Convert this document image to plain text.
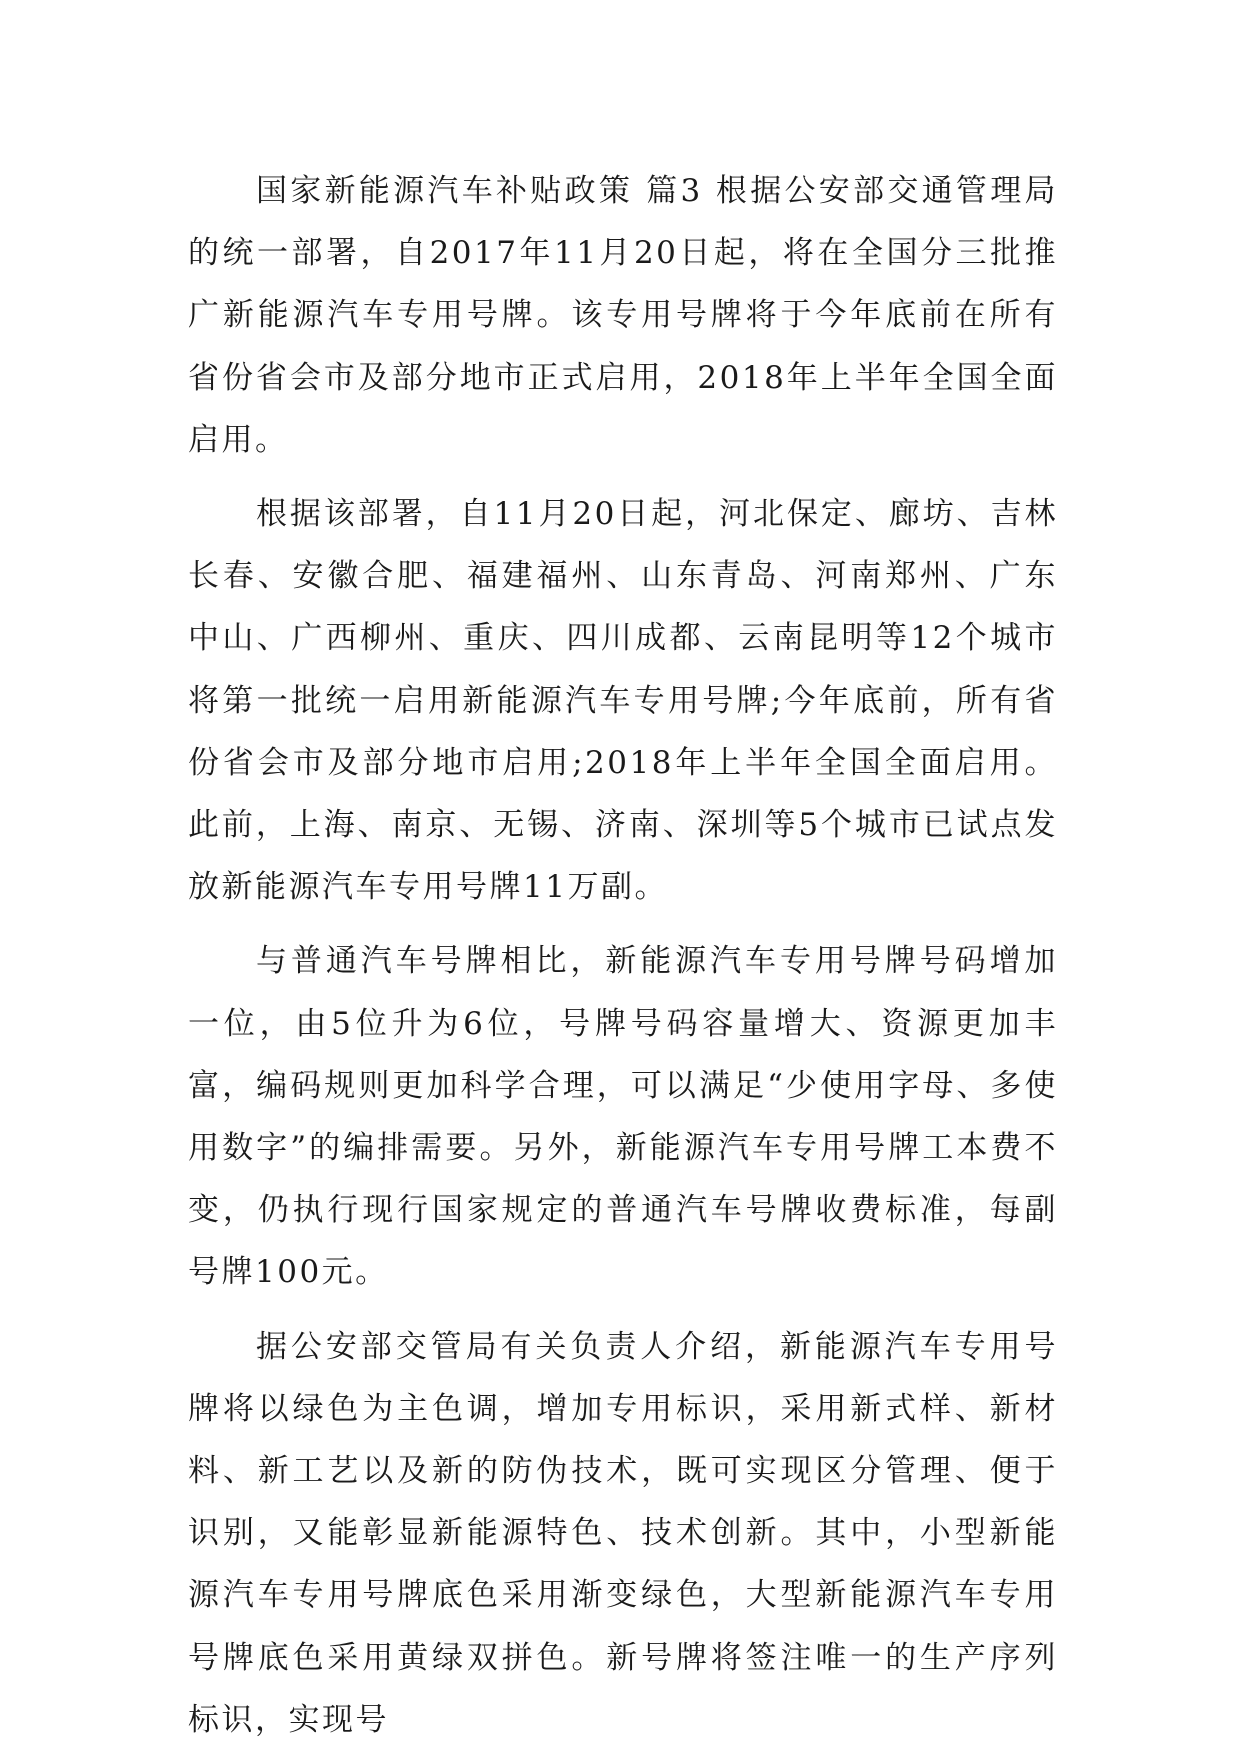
国家新能源汽车补贴政策 篇3 根据公安部交通管理局的统一部署，自2017年11月20日起，将在全国分三批推广新能源汽车专用号牌。该专用号牌将于今年底前在所有省份省会市及部分地市正式启用，2018年上半年全国全面启用。

根据该部署，自11月20日起，河北保定、廊坊、吉林长春、安徽合肥、福建福州、山东青岛、河南郑州、广东中山、广西柳州、重庆、四川成都、云南昆明等12个城市将第一批统一启用新能源汽车专用号牌;今年底前，所有省份省会市及部分地市启用;2018年上半年全国全面启用。此前，上海、南京、无锡、济南、深圳等5个城市已试点发放新能源汽车专用号牌11万副。

与普通汽车号牌相比，新能源汽车专用号牌号码增加一位，由5位升为6位，号牌号码容量增大、资源更加丰富，编码规则更加科学合理，可以满足“少使用字母、多使用数字”的编排需要。另外，新能源汽车专用号牌工本费不变，仍执行现行国家规定的普通汽车号牌收费标准，每副号牌100元。

据公安部交管局有关负责人介绍，新能源汽车专用号牌将以绿色为主色调，增加专用标识，采用新式样、新材料、新工艺以及新的防伪技术，既可实现区分管理、便于识别，又能彰显新能源特色、技术创新。其中，小型新能源汽车专用号牌底色采用渐变绿色，大型新能源汽车专用号牌底色采用黄绿双拼色。新号牌将签注唯一的生产序列标识，实现号
